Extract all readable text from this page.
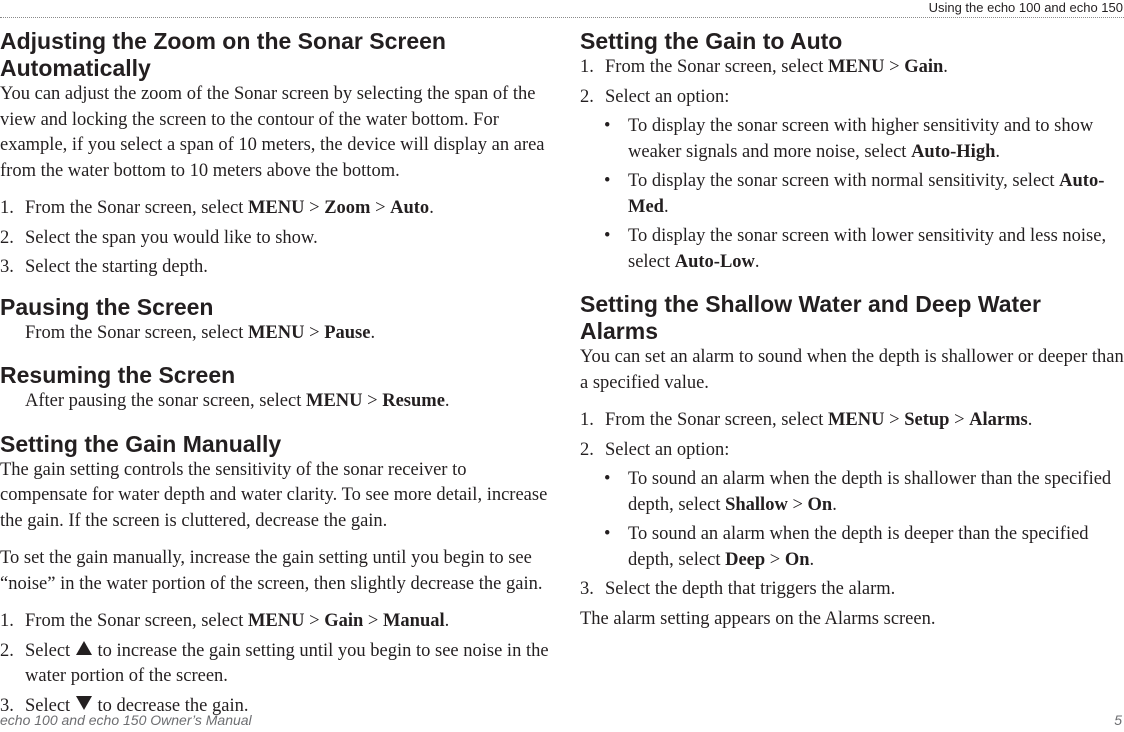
Using the echo 100 and echo 150
Adjusting the Zoom on the Sonar Screen
Automatically

You can adjust the zoom of the Sonar screen by selecting the span of the view and locking the screen to the contour of the water bottom. For example, if you select a span of 10 meters, the device will display an area from the water bottom to 10 meters above the bottom.

1. From the Sonar screen, select MENU > Zoom > Auto.
2. Select the span you would like to show.
3. Select the starting depth.
Pausing the Screen

From the Sonar screen, select MENU > Pause.

Resuming the Screen

After pausing the sonar screen, select MENU > Resume.

Setting the Gain Manually

The gain setting controls the sensitivity of the sonar receiver to compensate for water depth and water clarity. To see more detail, increase the gain. If the screen is cluttered, decrease the gain.

To set the gain manually, increase the gain setting until you begin to see “noise” in the water portion of the screen, then slightly decrease the gain.

1. From the Sonar screen, select MENU > Gain > Manual.
2. Select  to increase the gain setting until you begin to see noise in the water portion of the screen.
3. Select  to decrease the gain.
Setting the Gain to Auto
1. From the Sonar screen, select MENU > Gain.
2. Select an option:
• To display the sonar screen with higher sensitivity and to show weaker signals and more noise, select Auto-High.
• To display the sonar screen with normal sensitivity, select Auto-Med.
• To display the sonar screen with lower sensitivity and less noise, select Auto-Low.
Setting the Shallow Water and Deep Water Alarms

You can set an alarm to sound when the depth is shallower or deeper than a specified value.

1. From the Sonar screen, select MENU > Setup > Alarms.
2. Select an option:
• To sound an alarm when the depth is shallower than the specified depth, select Shallow > On.
• To sound an alarm when the depth is deeper than the specified depth, select Deep > On.
3. Select the depth that triggers the alarm.

The alarm setting appears on the Alarms screen.

echo 100 and echo 150 Owner’s Manual	5
